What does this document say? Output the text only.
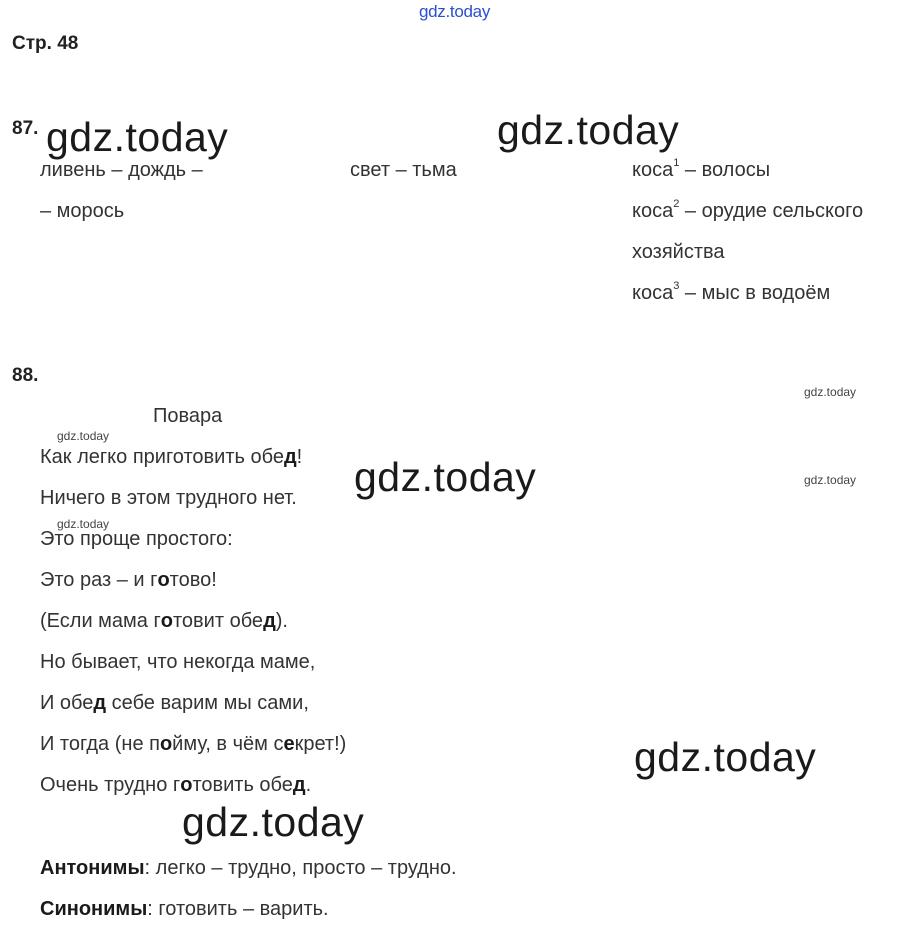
gdz.today
gdz.today	gdz.today
gdz.today
gdz.today
gdz.today
gdz.today
gdz.today
gdz.today
gdz.today
Стр. 48
87.
ливень – дождь –
– морось
свет – тьма	коса$^1$ – волосы
коса$^2$ – орудие сельского
хозяйства
коса$^3$ – мыс в водоём
88.
Повара
Как легко приготовить обед!
Ничего в этом трудного нет.
Это проще простого:
Это раз – и готово!
(Если мама готовит обед).
Но бывает, что некогда маме,
И обед себе варим мы сами,
И тогда (не пойму, в чём секрет!)
Очень трудно готовить обед.
Антонимы: легко – трудно, просто – трудно.
Синонимы: готовить – варить.
